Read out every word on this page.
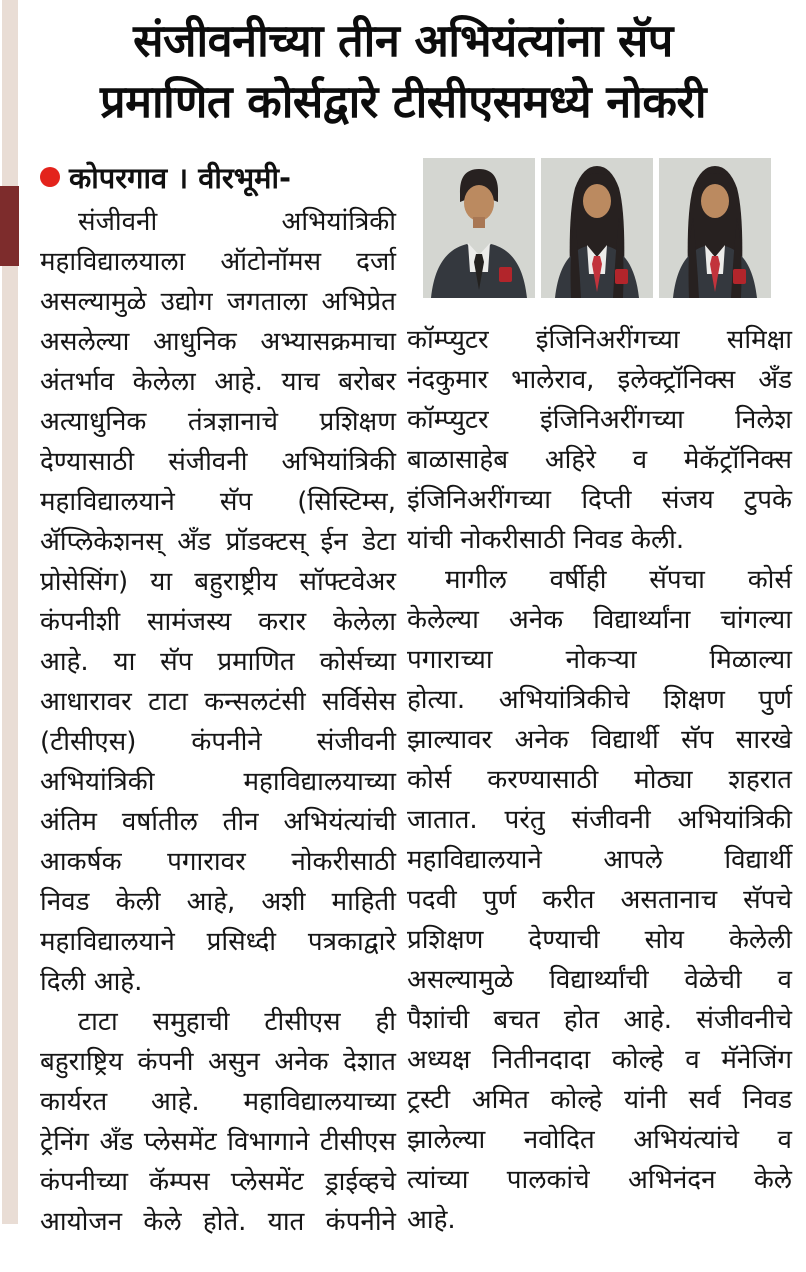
संजीवनीच्या तीन अभियंत्यांना सॅप
प्रमाणित कोर्सद्वारे टीसीएसमध्ये नोकरी
कोपरगाव । वीरभूमी-
संजीवनी अभियांत्रिकी
महाविद्यालयाला ऑटोनॉमस दर्जा
असल्यामुळे उद्योग जगताला अभिप्रेत
असलेल्या आधुनिक अभ्यासक्रमाचा
अंतर्भाव केलेला आहे. याच बरोबर
अत्याधुनिक तंत्रज्ञानाचे प्रशिक्षण
देण्यासाठी संजीवनी अभियांत्रिकी
महाविद्यालयाने सॅप (सिस्टिम्स,
ॲप्लिकेशनस् अँड प्रॉडक्टस् ईन डेटा
प्रोसेसिंग) या बहुराष्ट्रीय सॉफ्टवेअर
कंपनीशी सामंजस्य करार केलेला
आहे. या सॅप प्रमाणित कोर्सच्या
आधारावर टाटा कन्सलटंसी सर्विसेस
(टीसीएस) कंपनीने संजीवनी
अभियांत्रिकी महाविद्यालयाच्या
अंतिम वर्षातील तीन अभियंत्यांची
आकर्षक पगारावर नोकरीसाठी
निवड केली आहे, अशी माहिती
महाविद्यालयाने प्रसिध्दी पत्रकाद्वारे
दिली आहे.
टाटा समुहाची टीसीएस ही
बहुराष्ट्रिय कंपनी असुन अनेक देशात
कार्यरत आहे. महाविद्यालयाच्या
ट्रेनिंग अँड प्लेसमेंट विभागाने टीसीएस
कंपनीच्या कॅम्पस प्लेसमेंट ड्राईव्हचे
आयोजन केले होते. यात कंपनीने
कॉम्प्युटर इंजिनिअरींगच्या समिक्षा
नंदकुमार भालेराव, इलेक्ट्रॉनिक्स अँड
कॉम्प्युटर इंजिनिअरींगच्या निलेश
बाळासाहेब अहिरे व मेकॅट्रॉनिक्स
इंजिनिअरींगच्या दिप्ती संजय टुपके
यांची नोकरीसाठी निवड केली.
मागील वर्षीही सॅपचा कोर्स
केलेल्या अनेक विद्यार्थ्यांना चांगल्या
पगाराच्या नोकऱ्या मिळाल्या
होत्या. अभियांत्रिकीचे शिक्षण पुर्ण
झाल्यावर अनेक विद्यार्थी सॅप सारखे
कोर्स करण्यासाठी मोठ्या शहरात
जातात. परंतु संजीवनी अभियांत्रिकी
महाविद्यालयाने आपले विद्यार्थी
पदवी पुर्ण करीत असतानाच सॅपचे
प्रशिक्षण देण्याची सोय केलेली
असल्यामुळे विद्यार्थ्यांची वेळेची व
पैशांची बचत होत आहे. संजीवनीचे
अध्यक्ष नितीनदादा कोल्हे व मॅनेजिंग
ट्रस्टी अमित कोल्हे यांनी सर्व निवड
झालेल्या नवोदित अभियंत्यांचे व
त्यांच्या पालकांचे अभिनंदन केले
आहे.
